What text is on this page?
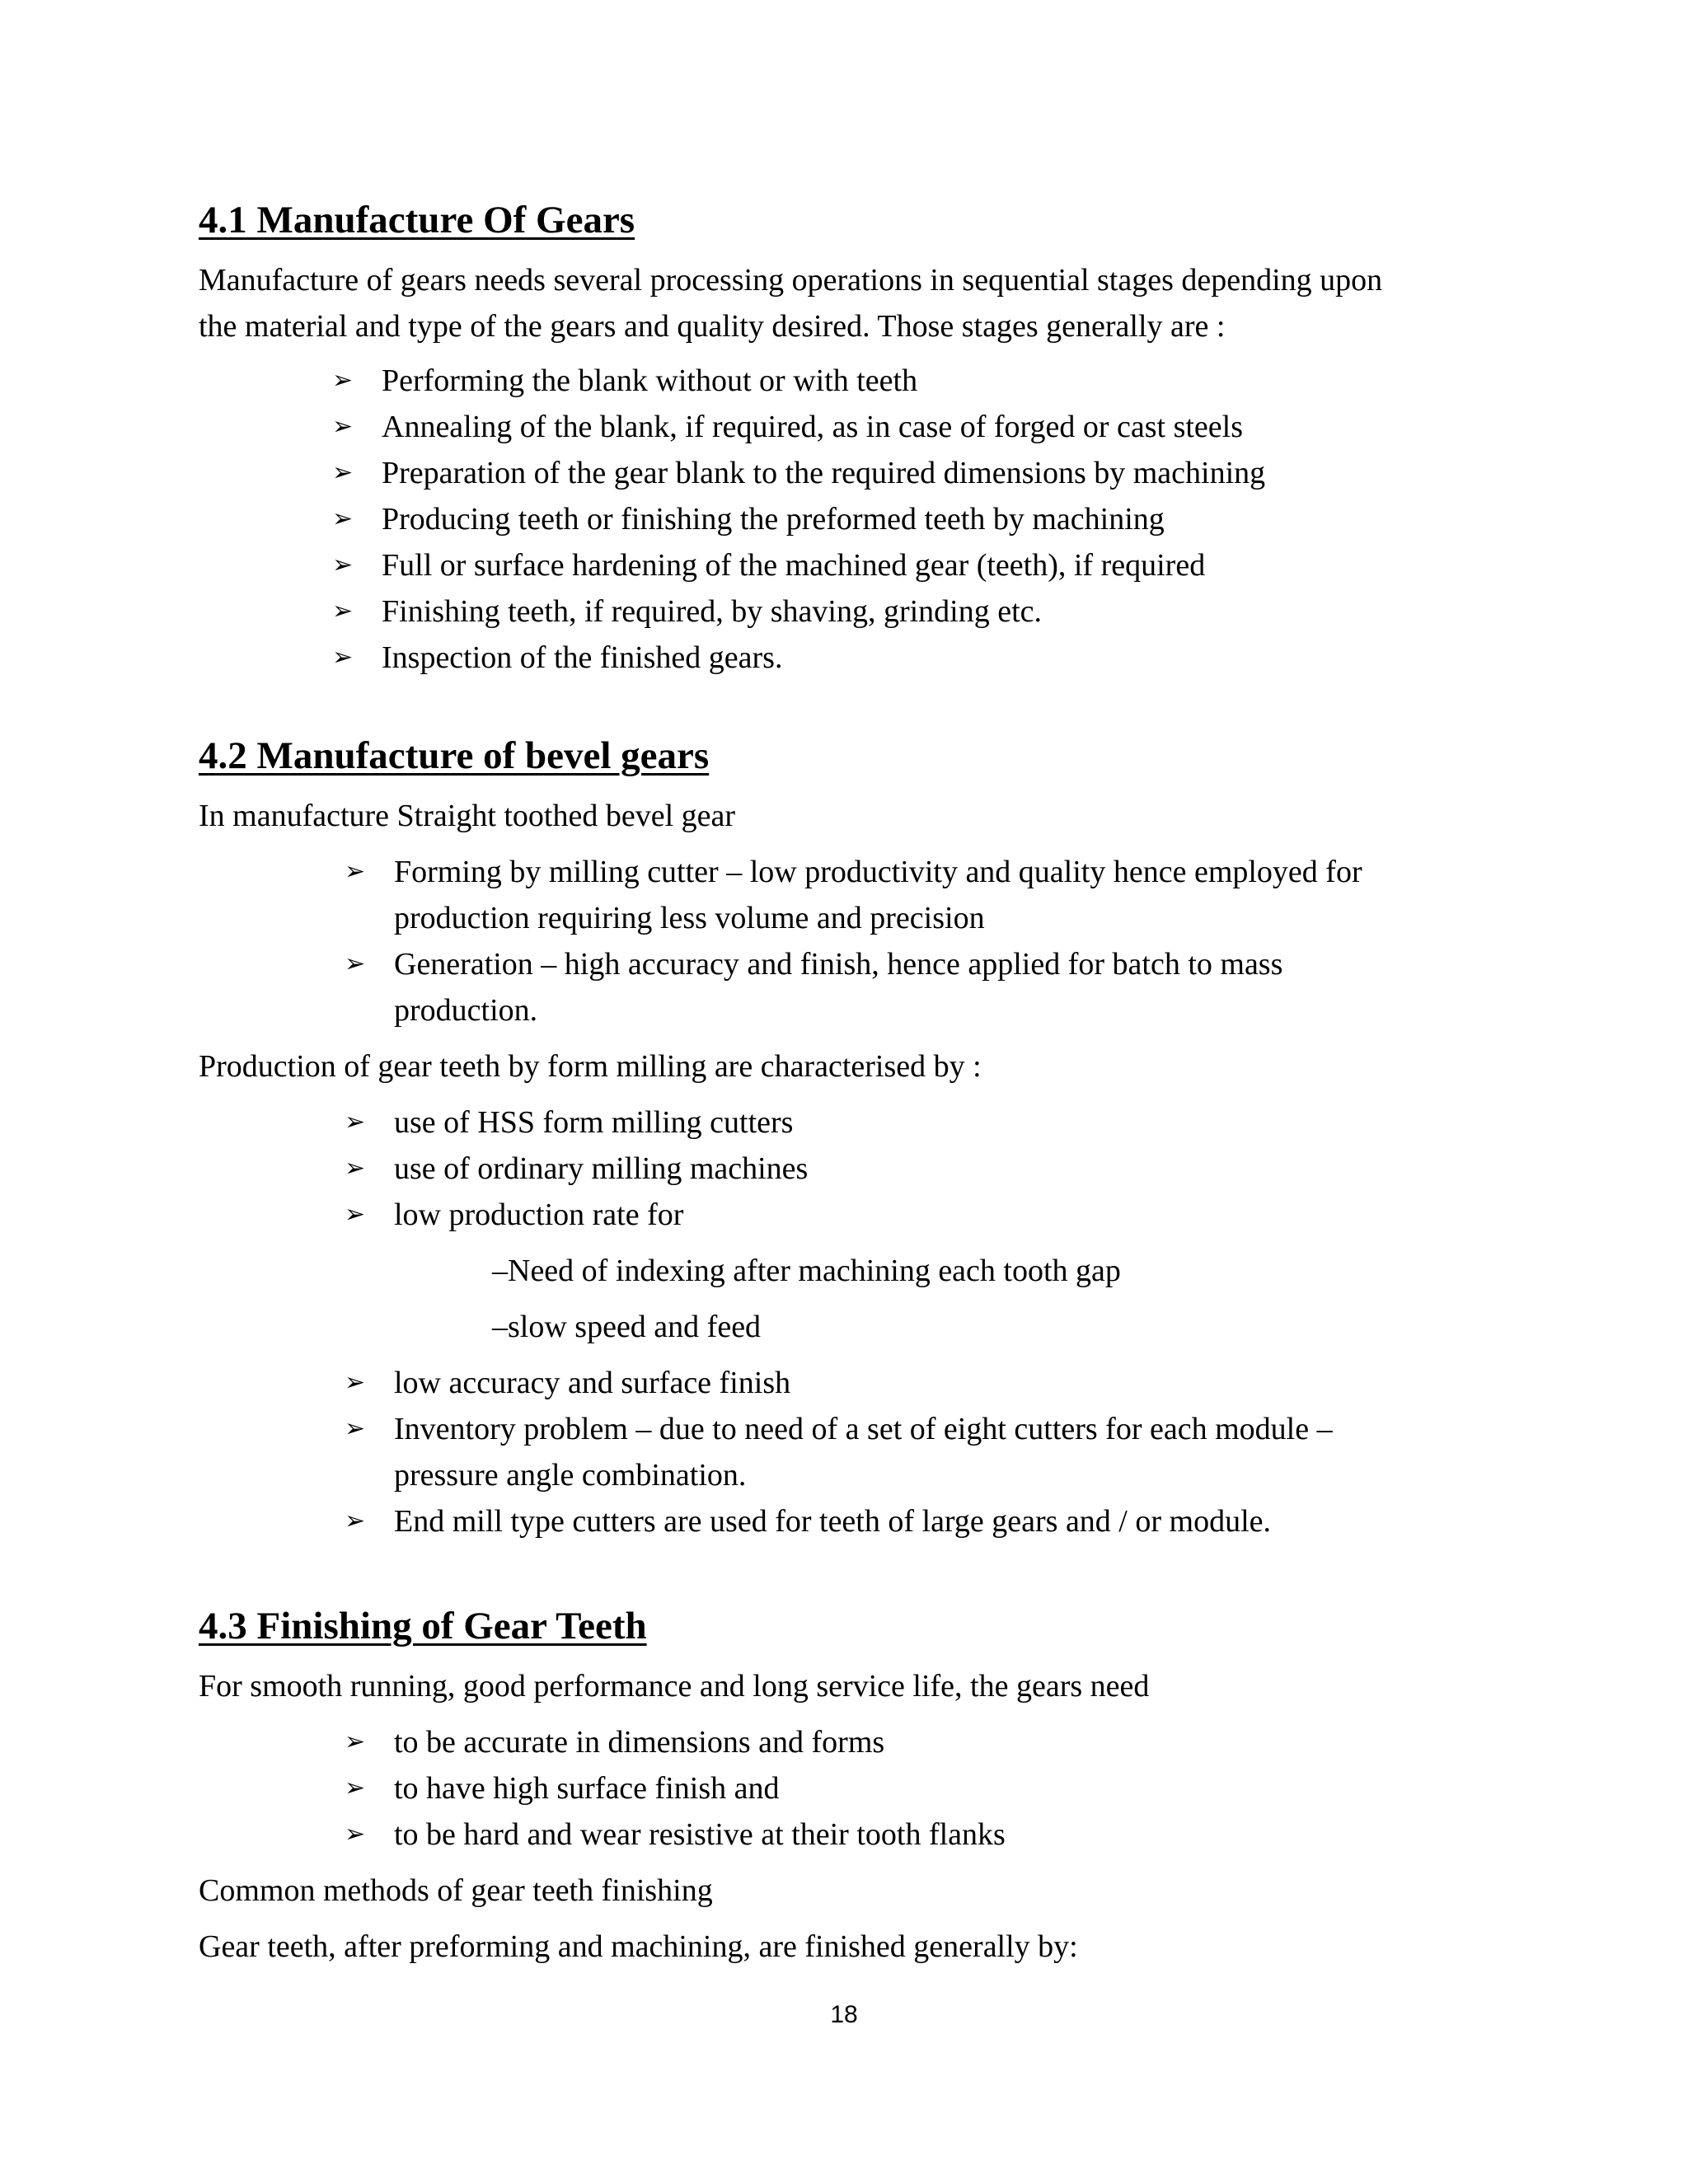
4.1 Manufacture Of Gears
Manufacture of gears needs several processing operations in sequential stages depending upon
the material and type of the gears and quality desired. Those stages generally are :
➢ Performing the blank without or with teeth
➢ Annealing of the blank, if required, as in case of forged or cast steels
➢ Preparation of the gear blank to the required dimensions by machining
➢ Producing teeth or finishing the preformed teeth by machining
➢ Full or surface hardening of the machined gear (teeth), if required
➢ Finishing teeth, if required, by shaving, grinding etc.
➢ Inspection of the finished gears.
4.2 Manufacture of bevel gears
In manufacture Straight toothed bevel gear
➢ Forming by milling cutter – low productivity and quality hence employed for
production requiring less volume and precision
➢ Generation – high accuracy and finish, hence applied for batch to mass
production.
Production of gear teeth by form milling are characterised by :
➢ use of HSS form milling cutters
➢ use of ordinary milling machines
➢ low production rate for
–Need of indexing after machining each tooth gap
–slow speed and feed
➢ low accuracy and surface finish
➢ Inventory problem – due to need of a set of eight cutters for each module –
pressure angle combination.
➢ End mill type cutters are used for teeth of large gears and / or module.
4.3 Finishing of Gear Teeth
For smooth running, good performance and long service life, the gears need
➢ to be accurate in dimensions and forms
➢ to have high surface finish and
➢ to be hard and wear resistive at their tooth flanks
Common methods of gear teeth finishing
Gear teeth, after preforming and machining, are finished generally by:
18
